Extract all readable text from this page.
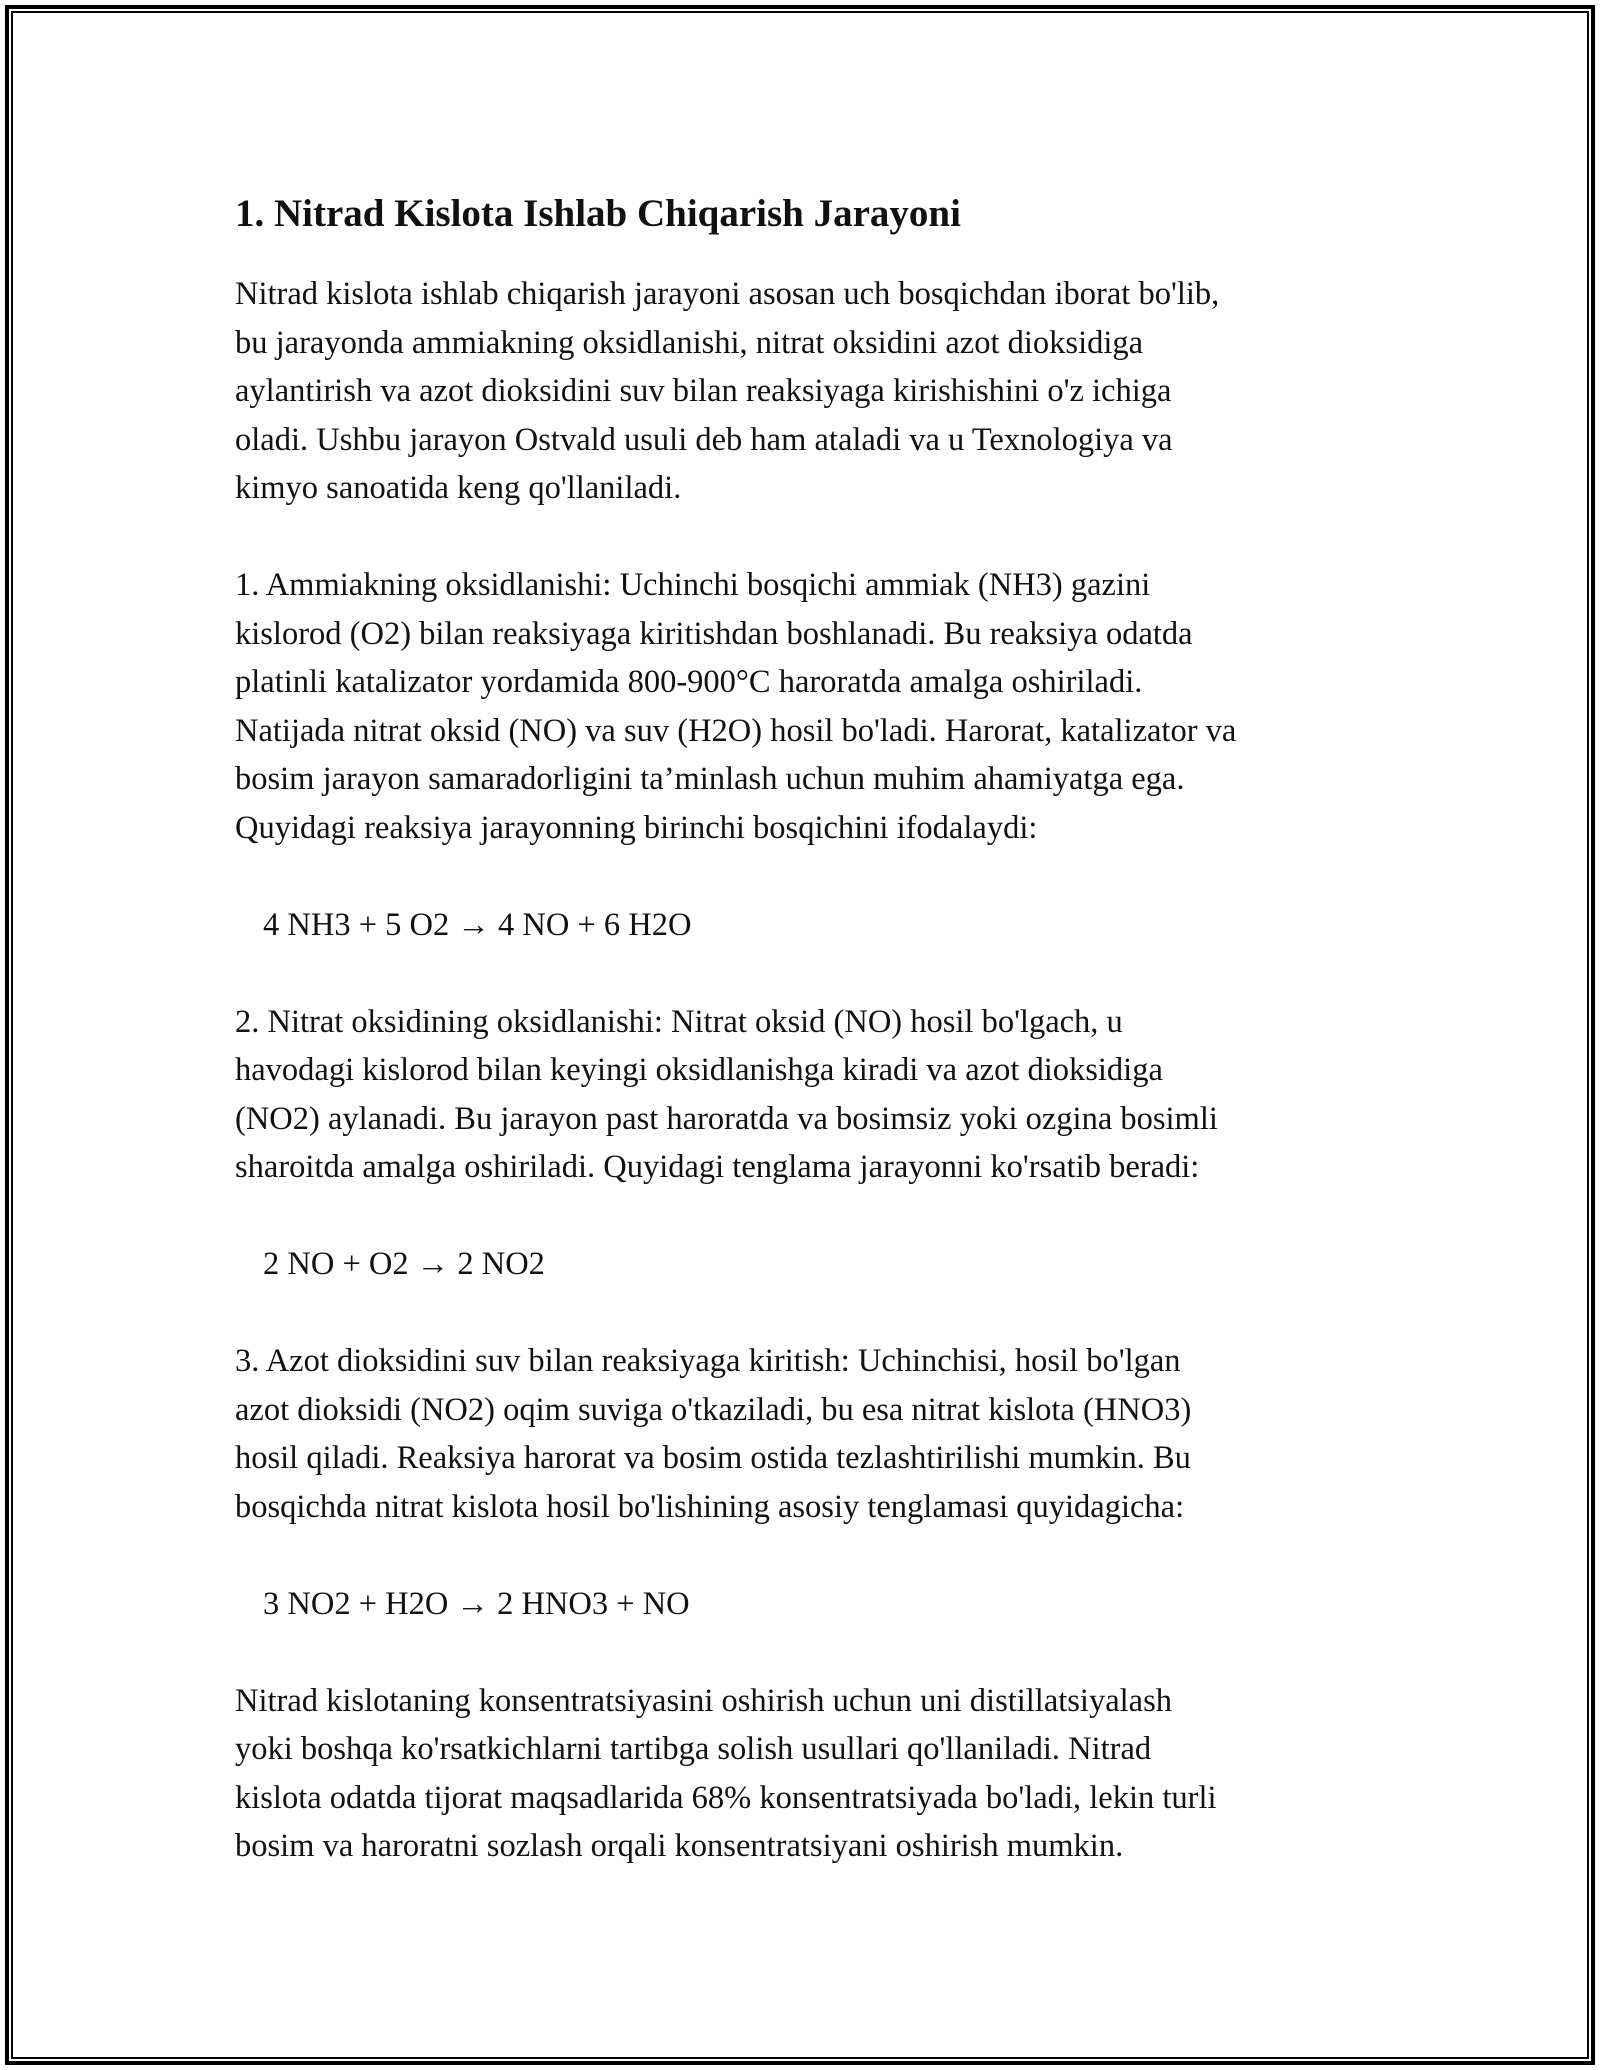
1. Nitrad Kislota Ishlab Chiqarish Jarayoni

Nitrad kislota ishlab chiqarish jarayoni asosan uch bosqichdan iborat bo'lib,

bu jarayonda ammiakning oksidlanishi, nitrat oksidini azot dioksidiga

aylantirish va azot dioksidini suv bilan reaksiyaga kirishishini o'z ichiga

oladi. Ushbu jarayon Ostvald usuli deb ham ataladi va u Texnologiya va

kimyo sanoatida keng qo'llaniladi.

1. Ammiakning oksidlanishi: Uchinchi bosqichi ammiak (NH3) gazini

kislorod (O2) bilan reaksiyaga kiritishdan boshlanadi. Bu reaksiya odatda

platinli katalizator yordamida 800-900°C haroratda amalga oshiriladi.

Natijada nitrat oksid (NO) va suv (H2O) hosil bo'ladi. Harorat, katalizator va

bosim jarayon samaradorligini ta’minlash uchun muhim ahamiyatga ega.

Quyidagi reaksiya jarayonning birinchi bosqichini ifodalaydi:

4 NH3 + 5 O2 → 4 NO + 6 H2O

2. Nitrat oksidining oksidlanishi: Nitrat oksid (NO) hosil bo'lgach, u

havodagi kislorod bilan keyingi oksidlanishga kiradi va azot dioksidiga

(NO2) aylanadi. Bu jarayon past haroratda va bosimsiz yoki ozgina bosimli

sharoitda amalga oshiriladi. Quyidagi tenglama jarayonni ko'rsatib beradi:

2 NO + O2 → 2 NO2

3. Azot dioksidini suv bilan reaksiyaga kiritish: Uchinchisi, hosil bo'lgan

azot dioksidi (NO2) oqim suviga o'tkaziladi, bu esa nitrat kislota (HNO3)

hosil qiladi. Reaksiya harorat va bosim ostida tezlashtirilishi mumkin. Bu

bosqichda nitrat kislota hosil bo'lishining asosiy tenglamasi quyidagicha:

3 NO2 + H2O → 2 HNO3 + NO

Nitrad kislotaning konsentratsiyasini oshirish uchun uni distillatsiyalash

yoki boshqa ko'rsatkichlarni tartibga solish usullari qo'llaniladi. Nitrad

kislota odatda tijorat maqsadlarida 68% konsentratsiyada bo'ladi, lekin turli

bosim va haroratni sozlash orqali konsentratsiyani oshirish mumkin.
